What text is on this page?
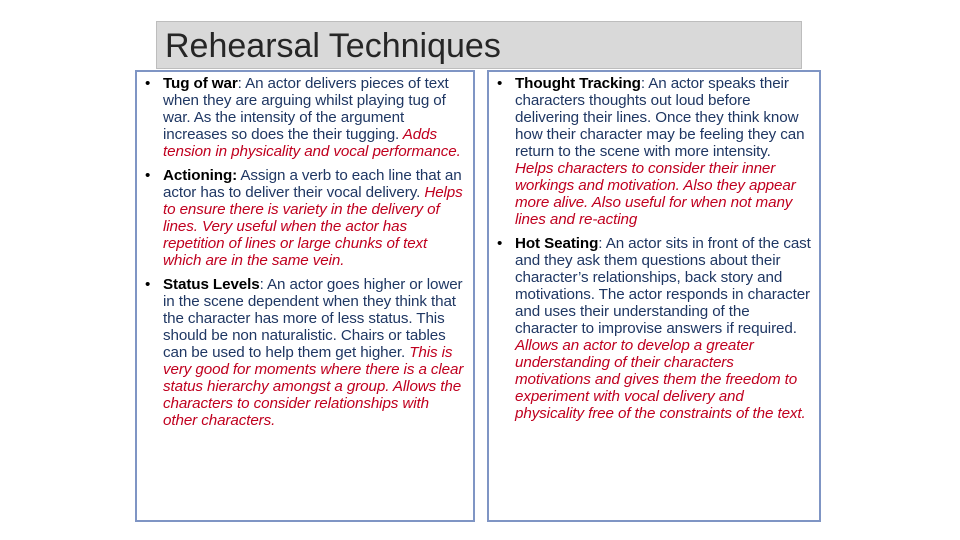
Rehearsal Techniques
• Tug of war: An actor delivers pieces of text when they are arguing whilst playing tug of war. As the intensity of the argument increases so does the their tugging. Adds tension in physicality and vocal performance.
• Actioning: Assign a verb to each line that an actor has to deliver their vocal delivery. Helps to ensure there is variety in the delivery of lines. Very useful when the actor has repetition of lines or large chunks of text which are in the same vein.
• Status Levels: An actor goes higher or lower in the scene dependent when they think that the character has more of less status. This should be non naturalistic. Chairs or tables can be used to help them get higher. This is very good for moments where there is a clear status hierarchy amongst a group. Allows the characters to consider relationships with other characters.
• Thought Tracking: An actor speaks their characters thoughts out loud before delivering their lines. Once they think know how their character may be feeling they can return to the scene with more intensity. Helps characters to consider their inner workings and motivation. Also they appear more alive. Also useful for when not many lines and re-acting
• Hot Seating: An actor sits in front of the cast and they ask them questions about their character’s relationships, back story and motivations. The actor responds in character and uses their understanding of the character to improvise answers if required. Allows an actor to develop a greater understanding of their characters motivations and gives them the freedom to experiment with vocal delivery and physicality free of the constraints of the text.
